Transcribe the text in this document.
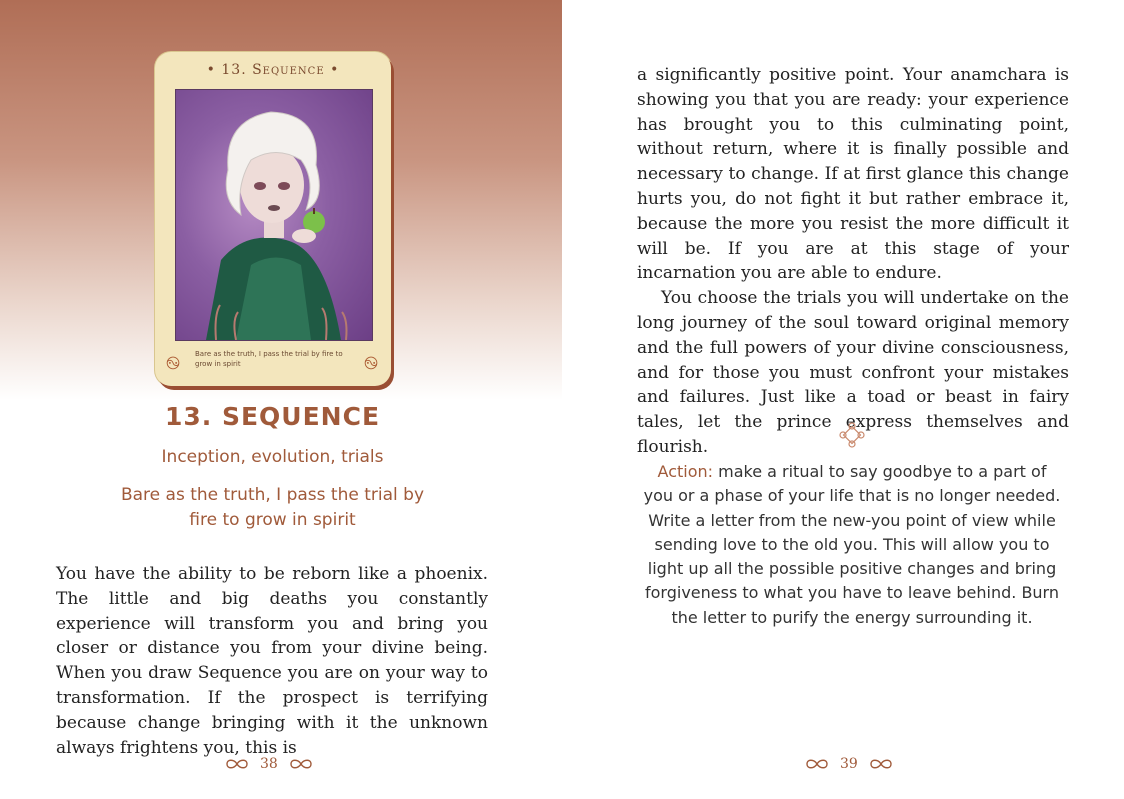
• 13. Sequence •
࿊	Bare as the truth, I pass the trial by fire to grow in spirit	࿊
13. SEQUENCE
Inception, evolution, trials
Bare as the truth, I pass the trial by fire to grow in spirit
You have the ability to be reborn like a phoenix. The little and big deaths you constantly experience will transform you and bring you closer or distance you from your divine being. When you draw Sequence you are on your way to transformation. If the prospect is terrifying because change bringing with it the unknown always frightens you, this is
38

a significantly positive point. Your anamchara is showing you that you are ready: your experience has brought you to this culminating point, without return, where it is finally possible and necessary to change. If at first glance this change hurts you, do not fight it but rather embrace it, because the more you resist the more difficult it will be. If you are at this stage of your incarnation you are able to endure.

You choose the trials you will undertake on the long journey of the soul toward original memory and the full powers of your divine consciousness, and for those you must confront your mistakes and failures. Just like a toad or beast in fairy tales, let the prince express themselves and flourish.

Action: make a ritual to say goodbye to a part of you or a phase of your life that is no longer needed. Write a letter from the new-you point of view while sending love to the old you. This will allow you to light up all the possible positive changes and bring forgiveness to what you have to leave behind. Burn the letter to purify the energy surrounding it.
39
